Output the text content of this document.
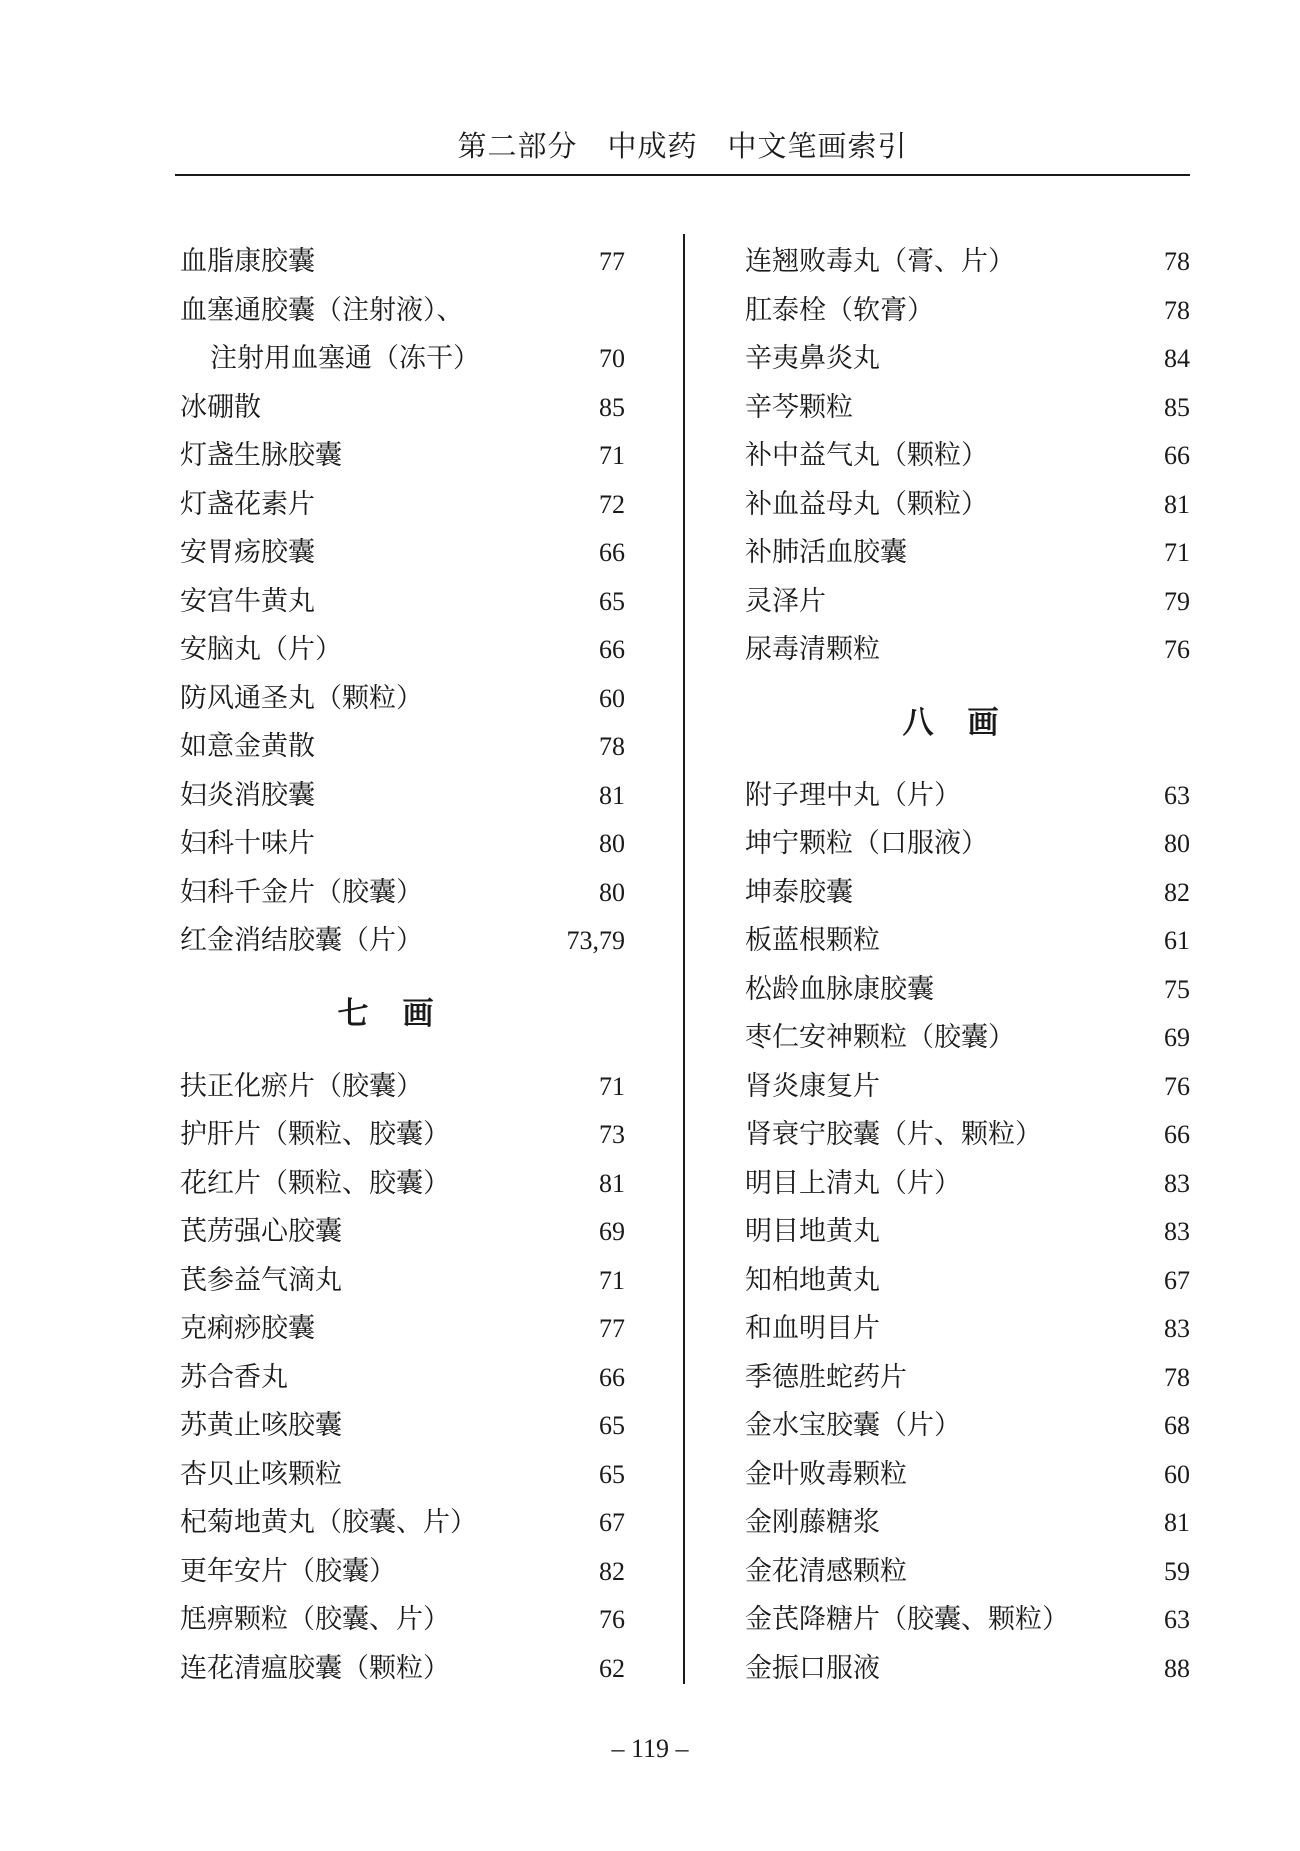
第二部分　中成药　中文笔画索引
血脂康胶囊	77
血塞通胶囊（注射液）、
注射用血塞通（冻干）	70
冰硼散	85
灯盏生脉胶囊	71
灯盏花素片	72
安胃疡胶囊	66
安宫牛黄丸	65
安脑丸（片）	66
防风通圣丸（颗粒）	60
如意金黄散	78
妇炎消胶囊	81
妇科十味片	80
妇科千金片（胶囊）	80
红金消结胶囊（片）	73,79
七画
扶正化瘀片（胶囊）	71
护肝片（颗粒、胶囊）	73
花红片（颗粒、胶囊）	81
芪苈强心胶囊	69
芪参益气滴丸	71
克痢痧胶囊	77
苏合香丸	66
苏黄止咳胶囊	65
杏贝止咳颗粒	65
杞菊地黄丸（胶囊、片）	67
更年安片（胶囊）	82
尪痹颗粒（胶囊、片）	76
连花清瘟胶囊（颗粒）	62
连翘败毒丸（膏、片）	78
肛泰栓（软膏）	78
辛夷鼻炎丸	84
辛芩颗粒	85
补中益气丸（颗粒）	66
补血益母丸（颗粒）	81
补肺活血胶囊	71
灵泽片	79
尿毒清颗粒	76
八画
附子理中丸（片）	63
坤宁颗粒（口服液）	80
坤泰胶囊	82
板蓝根颗粒	61
松龄血脉康胶囊	75
枣仁安神颗粒（胶囊）	69
肾炎康复片	76
肾衰宁胶囊（片、颗粒）	66
明目上清丸（片）	83
明目地黄丸	83
知柏地黄丸	67
和血明目片	83
季德胜蛇药片	78
金水宝胶囊（片）	68
金叶败毒颗粒	60
金刚藤糖浆	81
金花清感颗粒	59
金芪降糖片（胶囊、颗粒）	63
金振口服液	88
– 119 –
